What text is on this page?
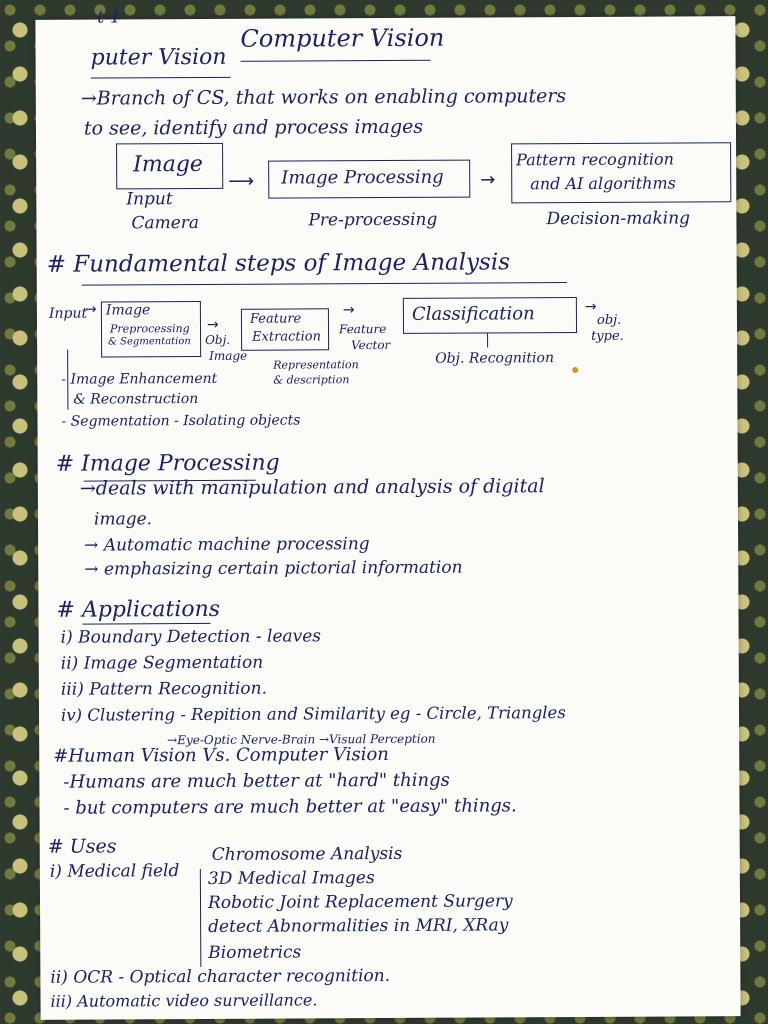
t-1
Computer Vision
puter Vision
→Branch of CS, that works on enabling computers
to see, identify and process images
Image
⟶ Image Processing →
Pattern recognition
and AI algorithms
Input
Camera	Pre-processing	Decision-making
# Fundamental steps of Image Analysis
Input
→ Image
Preprocessing
& Segmentation Obj.
Image
→ Feature
Extraction
Representation
& description
Feature
Vector
→	Classification	→
obj.
type.
Obj. Recognition
- Image Enhancement
& Reconstruction
- Segmentation - Isolating objects
# Image Processing
→deals with manipulation and analysis of digital
image.
→ Automatic machine processing
→ emphasizing certain pictorial information
# Applications
i) Boundary Detection - leaves
ii) Image Segmentation
iii) Pattern Recognition.
iv) Clustering - Repition and Similarity eg - Circle, Triangles
→Eye-Optic Nerve-Brain →Visual Perception
#Human Vision Vs. Computer Vision
-Humans are much better at "hard" things
- but computers are much better at "easy" things.
# Uses
i) Medical field
Chromosome Analysis
3D Medical Images
Robotic Joint Replacement Surgery
detect Abnormalities in MRI, XRay
Biometrics
ii) OCR - Optical character recognition.
iii) Automatic video surveillance.
